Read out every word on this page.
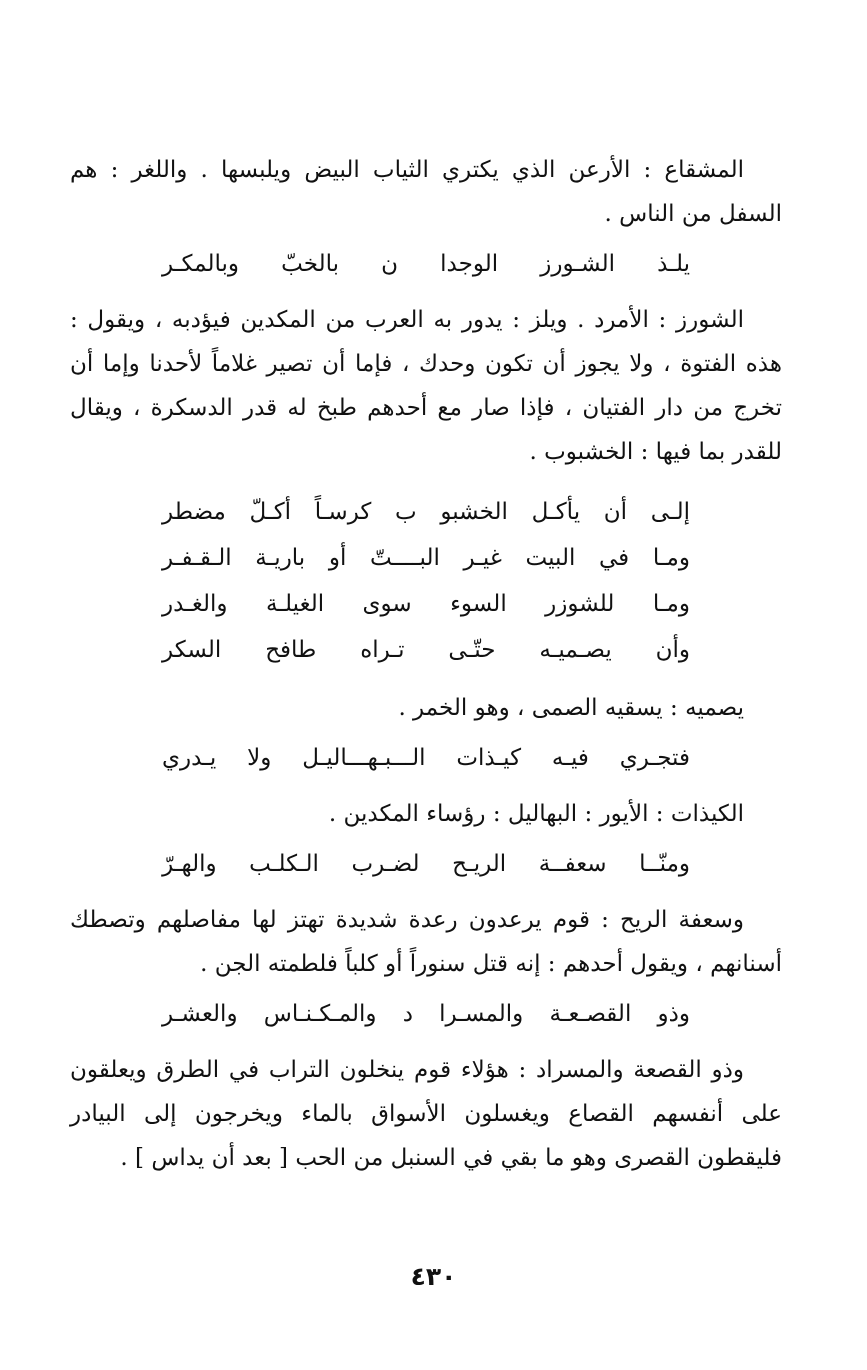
المشقاع : الأرعن الذي يكتري الثياب البيض ويلبسها . واللغر : هم السفل من الناس .

يلـذ
الشـورز
الوجدا
ن
بالخبّ
وبالمكـر

الشورز : الأمرد . ويلز : يدور به العرب من المكدين فيؤدبه ، ويقول : هذه الفتوة ، ولا يجوز أن تكون وحدك ، فإما أن تصير غلاماً لأحدنا وإما أن تخرج من دار الفتيان ، فإذا صار مع أحدهم طبخ له قدر الدسكرة ، ويقال للقدر بما فيها : الخشبوب .

إلـى
أن
يأكـل
الخشبو
ب
كرسـاً
أكـلّ
مضطر
ومـا
في
البيت
غيـر
البــــتّ
أو
باريـة
الـقـفـر
ومـا
للشوزر
السوء
سوى
الغيلـة
والغـدر
وأن
يصـميـه
حتّـى
تـراه
طافح
السكر

يصميه : يسقيه الصمى ، وهو الخمر .

فتجـري
فيـه
كيـذات
الـــبـهـــاليـل
ولا
يـدري

الكيذات : الأيور : البهاليل : رؤساء المكدين .

ومنّــا
سعفــة
الريـح
لضـرب
الـكلـب
والهـرّ

وسعفة الريح : قوم يرعدون رعدة شديدة تهتز لها مفاصلهم وتصطك أسنانهم ، ويقول أحدهم : إنه قتل سنوراً أو كلباً فلطمته الجن .

وذو
القصـعـة
والمسـرا
د
والمـكـنـاس
والعشـر

وذو القصعة والمسراد : هؤلاء قوم ينخلون التراب في الطرق ويعلقون على أنفسهم القصاع ويغسلون الأسواق بالماء ويخرجون إلى البيادر فليقطون القصرى وهو ما بقي في السنبل من الحب [ بعد أن يداس ] .

٤٣٠
